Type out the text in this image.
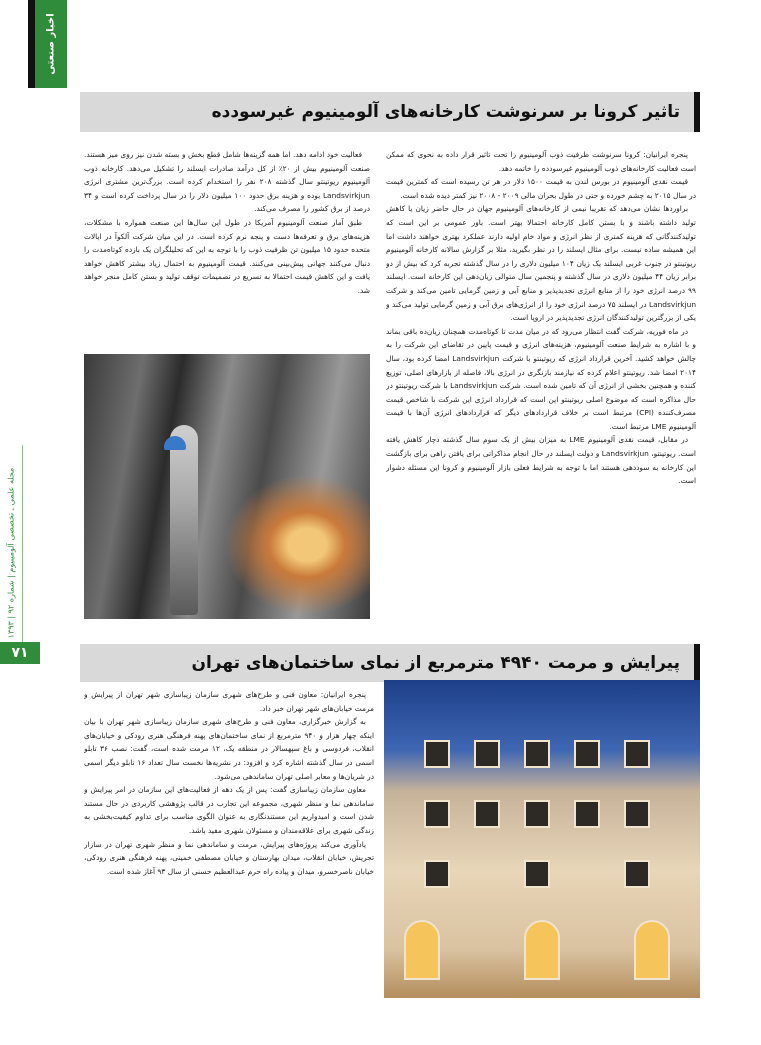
اخبار صنعتی
مجله علمی ـ تخصصی آلومینیوم | شماره ۹۲ | ۱۳۹۳
۷۱
تاثیر کرونا بر سرنوشت کارخانه‌های آلومینیوم غیرسودده

پنجره ایرانیان: کرونا سرنوشت ظرفیت ذوب آلومینیوم را تحت تاثیر قرار داده به نحوی که ممکن است فعالیت کارخانه‌های ذوب آلومینیوم غیرسودده را خاتمه دهد.

قیمت نقدی آلومینیوم در بورس لندن به قیمت ۱۵۰۰ دلار در هر تن رسیده است که کمترین قیمت در سال ۲۰۱۵ به چشم خورده و حتی در طول بحران مالی ۲۰۰۹ - ۲۰۰۸ نیز کمتر دیده شده است.

براوردها نشان می‌دهد که تقریبا نیمی از کارخانه‌های آلومینیوم جهان در حال حاضر زیان یا کاهش تولید داشته باشند و با بستن کامل کارخانه احتمالا بهتر است. باور عمومی بر این است که تولیدکنندگانی که هزینه کمتری از نظر انرژی و مواد خام اولیه دارند عملکرد بهتری خواهند داشت اما این همیشه ساده نیست. برای مثال ایسلند را در نظر بگیرید، مثلا بر گزارش سالانه کارخانه آلومینیوم ریوتینتو در جنوب غربی ایسلند یک زیان ۱۰۴ میلیون دلاری را در سال گذشته تجربه کرد که بیش از دو برابر زیان ۴۴ میلیون دلاری در سال گذشته و پنجمین سال متوالی زیان‌دهی این کارخانه است. ایسلند ۹۹ درصد انرژی خود را از منابع انرژی تجدیدپذیر و منابع آبی و زمین گرمایی تامین می‌کند و شرکت Landsvirkjun در ایسلند ۷۵ درصد انرژی خود را از انرژی‌های برق آبی و زمین گرمایی تولید می‌کند و یکی از بزرگترین تولیدکنندگان انرژی تجدیدپذیر در اروپا است.

در ماه فوریه، شرکت گفت انتظار می‌رود که در میان مدت تا کوتاه‌مدت همچنان زیان‌ده باقی بماند و با اشاره به شرایط صنعت آلومینیوم، هزینه‌های انرژی و قیمت پایین در تقاضای این شرکت را به چالش خواهد کشید. آخرین قرارداد انرژی که ریوتینتو با شرکت Landsvirkjun امضا کرده بود، سال ۲۰۱۴ امضا شد. ریوتینتو اعلام کرده که نیازمند بازنگری در انرژی بالا، فاصله از بازارهای اصلی، توزیع کننده و همچنین بخشی از انرژی آن که تامین شده است. شرکت Landsvirkjun با شرکت ریوتینتو در حال مذاکره است که موضوع اصلی ریوتینتو این است که قرارداد انرژی این شرکت با شاخص قیمت مصرف‌کننده (CPI) مرتبط است بر خلاف قراردادهای دیگر که قراردادهای انرژی آن‌ها با قیمت آلومینیوم LME مرتبط است.

در مقابل، قیمت نقدی آلومینیوم LME به میزان بیش از یک سوم سال گذشته دچار کاهش یافته است. ریوتینتو، Landsvirkjun و دولت ایسلند در حال انجام مذاکراتی برای یافتن راهی برای بازگشت این کارخانه به سوددهی هستند اما با توجه به شرایط فعلی بازار آلومینیوم و کرونا این مسئله دشوار است.

فعالیت خود ادامه دهد. اما همه گزینه‌ها شامل قطع بخش و بسته شدن نیز روی میز هستند. صنعت آلومینیوم بیش از ۲۰٪ از کل درآمد صادرات ایسلند را تشکیل می‌دهد. کارخانه ذوب آلومینیوم ریوتینتو سال گذشته ۲۰۸ نفر را استخدام کرده است. بزرگ‌ترین مشتری انرژی Landsvirkjun بوده و هزینه برق حدود ۱۰۰ میلیون دلار را در سال پرداخت کرده است و ۳۴ درصد از برق کشور را مصرف می‌کند.

طبق آمار صنعت آلومینیوم آمریکا در طول این سال‌ها این صنعت همواره با مشکلات، هزینه‌های برق و تعرفه‌ها دست و پنجه نرم کرده است. در این میان شرکت آلکوآ در ایالات متحده حدود ۱۵ میلیون تن ظرفیت ذوب را با توجه به این که تحلیلگران یک بازده کوتاه‌مدت را دنبال می‌کنند جهانی پیش‌بینی می‌کنند. قیمت آلومینیوم به احتمال زیاد بیشتر کاهش خواهد یافت و این کاهش قیمت احتمالا به تسریع در تصمیمات توقف تولید و بستن کامل منجر خواهد شد.

پیرایش و مرمت ۴۹۴۰ مترمربع از نمای ساختمان‌های تهران

پنجره ایرانیان: معاون فنی و طرح‌های شهری سازمان زیباسازی شهر تهران از پیرایش و مرمت خیابان‌های شهر تهران خبر داد.

به گزارش خبرگزاری، معاون فنی و طرح‌های شهری سازمان زیباسازی شهر تهران با بیان اینکه چهار هزار و ۹۴۰ مترمربع از نمای ساختمان‌های پهنه فرهنگی هنری رودکی و خیابان‌های انقلاب، فردوسی و باغ سپهسالار در منطقه یک، ۱۲ مرمت شده است، گفت: نصب ۳۶ تابلو اسمی در سال گذشته اشاره کرد و افزود: در نشریه‌ها نخست سال تعداد ۱۶ تابلو دیگر اسمی در شریان‌ها و معابر اصلی تهران ساماندهی می‌شود.

معاون سازمان زیباسازی گفت: پس از یک دهه از فعالیت‌های این سازمان در امر پیرایش و ساماندهی نما و منظر شهری، مجموعه این تجارب در قالب پژوهشی کاربردی در حال مستند شدن است و امیدواریم این مستندنگاری به عنوان الگوی مناسب برای تداوم کیفیت‌بخشی به زندگی شهری برای علاقه‌مندان و مسئولان شهری مفید باشد.

یادآوری می‌کند پروژه‌های پیرایش، مرمت و ساماندهی نما و منظر شهری تهران در سازار تجریش، خیابان انقلاب، میدان بهارستان و خیابان مصطفی خمینی، پهنه فرهنگی هنری رودکی، خیابان ناصرخسرو، میدان و پیاده راه حرم عبدالعظیم حسنی از سال ۹۳ آغاز شده است.
